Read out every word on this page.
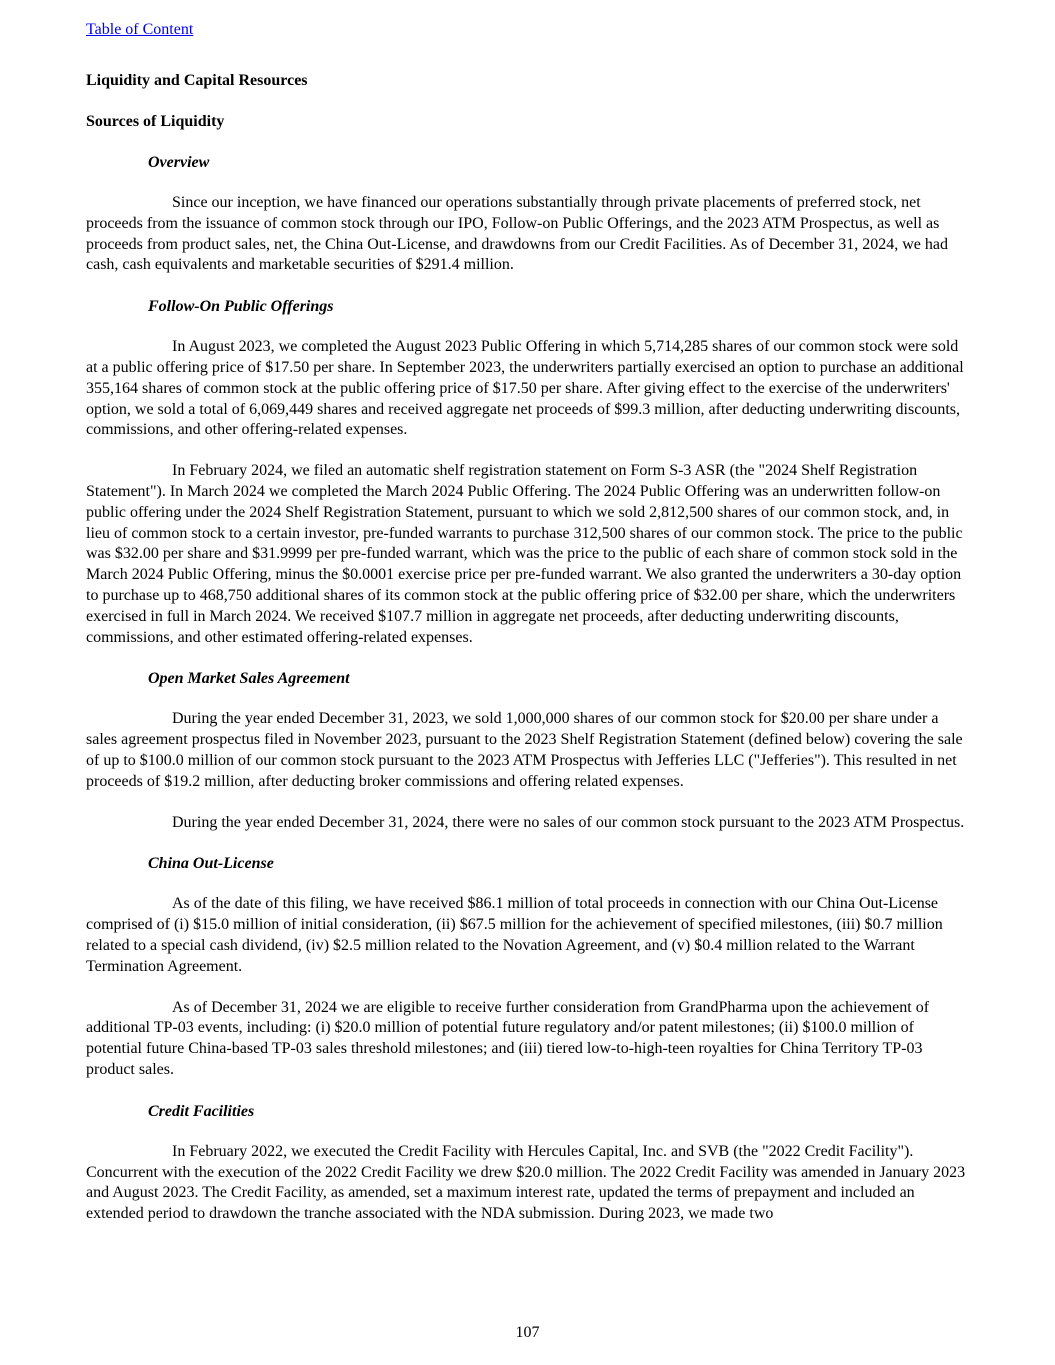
Table of Content

Liquidity and Capital Resources

Sources of Liquidity

Overview

Since our inception, we have financed our operations substantially through private placements of preferred stock, net proceeds from the issuance of common stock through our IPO, Follow-on Public Offerings, and the 2023 ATM Prospectus, as well as proceeds from product sales, net, the China Out-License, and drawdowns from our Credit Facilities. As of December 31, 2024, we had cash, cash equivalents and marketable securities of $291.4 million.

Follow-On Public Offerings

In August 2023, we completed the August 2023 Public Offering in which 5,714,285 shares of our common stock were sold at a public offering price of $17.50 per share. In September 2023, the underwriters partially exercised an option to purchase an additional 355,164 shares of common stock at the public offering price of $17.50 per share. After giving effect to the exercise of the underwriters' option, we sold a total of 6,069,449 shares and received aggregate net proceeds of $99.3 million, after deducting underwriting discounts, commissions, and other offering-related expenses.

In February 2024, we filed an automatic shelf registration statement on Form S-3 ASR (the "2024 Shelf Registration Statement"). In March 2024 we completed the March 2024 Public Offering. The 2024 Public Offering was an underwritten follow-on public offering under the 2024 Shelf Registration Statement, pursuant to which we sold 2,812,500 shares of our common stock, and, in lieu of common stock to a certain investor, pre-funded warrants to purchase 312,500 shares of our common stock. The price to the public was $32.00 per share and $31.9999 per pre-funded warrant, which was the price to the public of each share of common stock sold in the March 2024 Public Offering, minus the $0.0001 exercise price per pre-funded warrant. We also granted the underwriters a 30-day option to purchase up to 468,750 additional shares of its common stock at the public offering price of $32.00 per share, which the underwriters exercised in full in March 2024. We received $107.7 million in aggregate net proceeds, after deducting underwriting discounts, commissions, and other estimated offering-related expenses.

Open Market Sales Agreement

During the year ended December 31, 2023, we sold 1,000,000 shares of our common stock for $20.00 per share under a sales agreement prospectus filed in November 2023, pursuant to the 2023 Shelf Registration Statement (defined below) covering the sale of up to $100.0 million of our common stock pursuant to the 2023 ATM Prospectus with Jefferies LLC ("Jefferies"). This resulted in net proceeds of $19.2 million, after deducting broker commissions and offering related expenses.

During the year ended December 31, 2024, there were no sales of our common stock pursuant to the 2023 ATM Prospectus.

China Out-License

As of the date of this filing, we have received $86.1 million of total proceeds in connection with our China Out-License comprised of (i) $15.0 million of initial consideration, (ii) $67.5 million for the achievement of specified milestones, (iii) $0.7 million related to a special cash dividend, (iv) $2.5 million related to the Novation Agreement, and (v) $0.4 million related to the Warrant Termination Agreement.

As of December 31, 2024 we are eligible to receive further consideration from GrandPharma upon the achievement of additional TP-03 events, including: (i) $20.0 million of potential future regulatory and/or patent milestones; (ii) $100.0 million of potential future China-based TP-03 sales threshold milestones; and (iii) tiered low-to-high-teen royalties for China Territory TP-03 product sales.

Credit Facilities

In February 2022, we executed the Credit Facility with Hercules Capital, Inc. and SVB (the "2022 Credit Facility"). Concurrent with the execution of the 2022 Credit Facility we drew $20.0 million. The 2022 Credit Facility was amended in January 2023 and August 2023. The Credit Facility, as amended, set a maximum interest rate, updated the terms of prepayment and included an extended period to drawdown the tranche associated with the NDA submission. During 2023, we made two

107
